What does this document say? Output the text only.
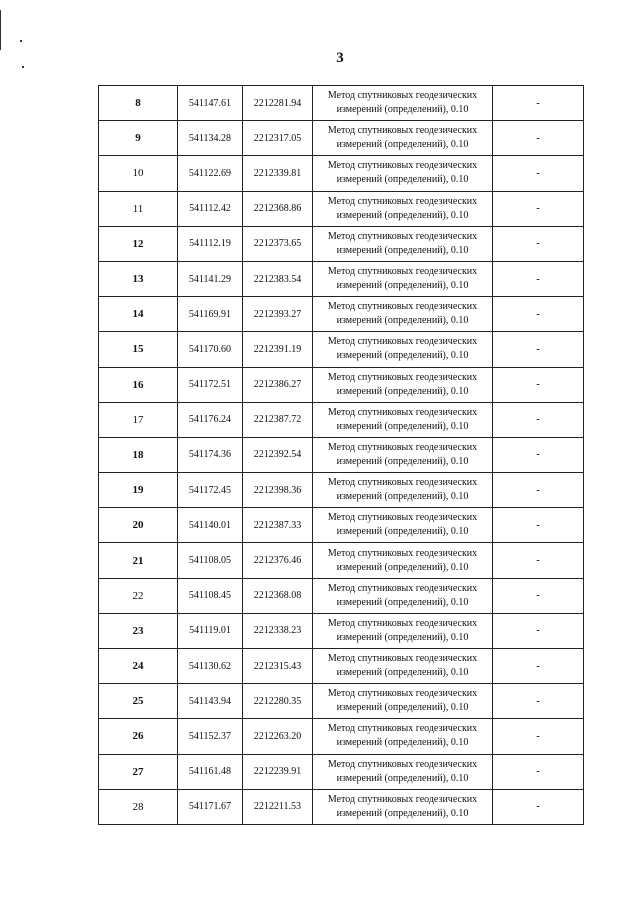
3
8	541147.61	2212281.94	Метод спутниковых геодезических
измерений (определений), 0.10	-
9	541134.28	2212317.05	Метод спутниковых геодезических
измерений (определений), 0.10	-
10	541122.69	2212339.81	Метод спутниковых геодезических
измерений (определений), 0.10	-
11	541112.42	2212368.86	Метод спутниковых геодезических
измерений (определений), 0.10	-
12	541112.19	2212373.65	Метод спутниковых геодезических
измерений (определений), 0.10	-
13	541141.29	2212383.54	Метод спутниковых геодезических
измерений (определений), 0.10	-
14	541169.91	2212393.27	Метод спутниковых геодезических
измерений (определений), 0.10	-
15	541170.60	2212391.19	Метод спутниковых геодезических
измерений (определений), 0.10	-
16	541172.51	2212386.27	Метод спутниковых геодезических
измерений (определений), 0.10	-
17	541176.24	2212387.72	Метод спутниковых геодезических
измерений (определений), 0.10	-
18	541174.36	2212392.54	Метод спутниковых геодезических
измерений (определений), 0.10	-
19	541172.45	2212398.36	Метод спутниковых геодезических
измерений (определений), 0.10	-
20	541140.01	2212387.33	Метод спутниковых геодезических
измерений (определений), 0.10	-
21	541108.05	2212376.46	Метод спутниковых геодезических
измерений (определений), 0.10	-
22	541108.45	2212368.08	Метод спутниковых геодезических
измерений (определений), 0.10	-
23	541119.01	2212338.23	Метод спутниковых геодезических
измерений (определений), 0.10	-
24	541130.62	2212315.43	Метод спутниковых геодезических
измерений (определений), 0.10	-
25	541143.94	2212280.35	Метод спутниковых геодезических
измерений (определений), 0.10	-
26	541152.37	2212263.20	Метод спутниковых геодезических
измерений (определений), 0.10	-
27	541161.48	2212239.91	Метод спутниковых геодезических
измерений (определений), 0.10	-
28	541171.67	2212211.53	Метод спутниковых геодезических
измерений (определений), 0.10	-
